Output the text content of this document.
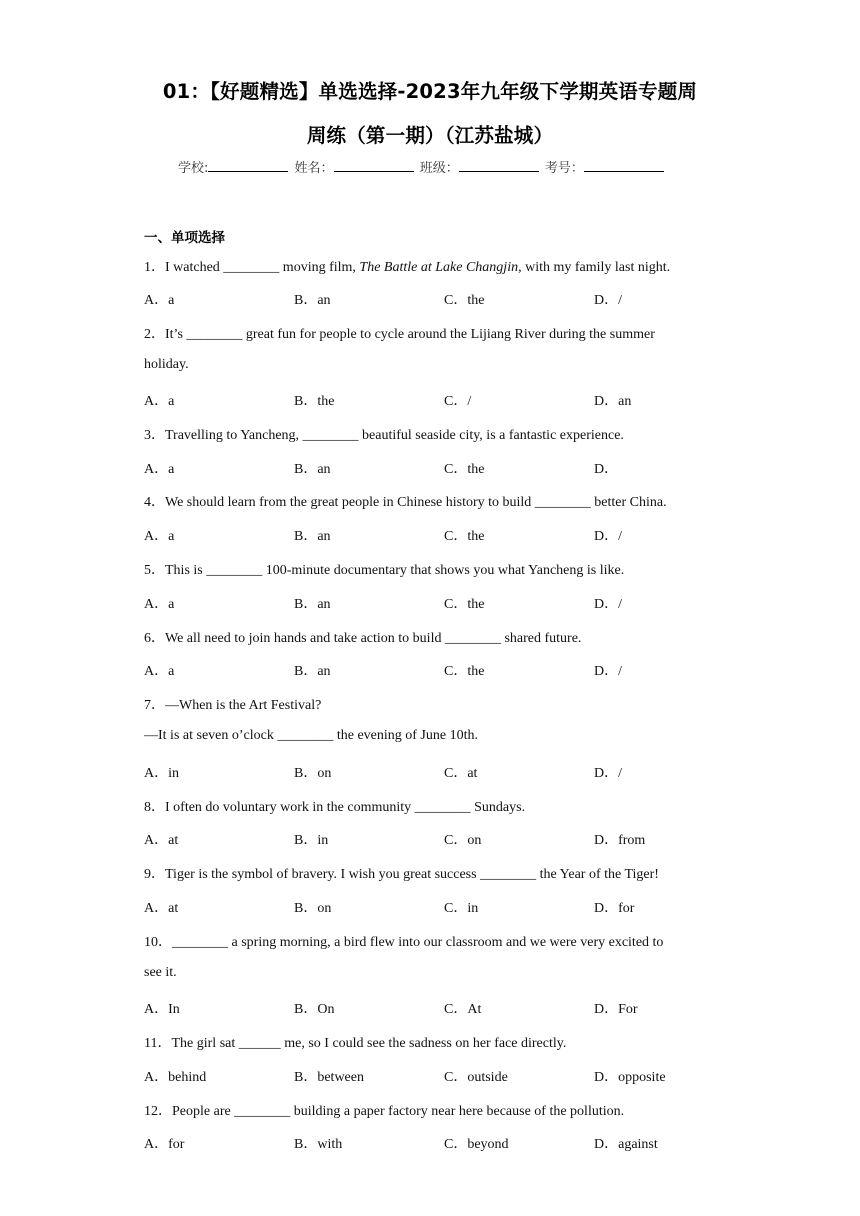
01：【好题精选】单选选择-2023年九年级下学期英语专题周
周练（第一期）（江苏盐城）
学校:	姓名：	班级：	考号：
一、单项选择
1．I watched ________ moving film, The Battle at Lake Changjin, with my family last night.
A．a	B．an	C．the	D．/
2．It’s ________ great fun for people to cycle around the Lijiang River during the summer
holiday.
A．a	B．the	C．/	D．an
3．Travelling to Yancheng, ________ beautiful seaside city, is a fantastic experience.
A．a	B．an	C．the	D．
4．We should learn from the great people in Chinese history to build ________ better China.
A．a	B．an	C．the	D．/
5．This is ________ 100-minute documentary that shows you what Yancheng is like.
A．a	B．an	C．the	D．/
6．We all need to join hands and take action to build ________ shared future.
A．a	B．an	C．the	D．/
7．—When is the Art Festival?
—It is at seven o’clock ________ the evening of June 10th.
A．in	B．on	C．at	D．/
8．I often do voluntary work in the community ________ Sundays.
A．at	B．in	C．on	D．from
9．Tiger is the symbol of bravery. I wish you great success ________ the Year of the Tiger!
A．at	B．on	C．in	D．for
10．________ a spring morning, a bird flew into our classroom and we were very excited to
see it.
A．In	B．On	C．At	D．For
11．The girl sat ______ me, so I could see the sadness on her face directly.
A．behind	B．between	C．outside	D．opposite
12．People are ________ building a paper factory near here because of the pollution.
A．for	B．with	C．beyond	D．against
